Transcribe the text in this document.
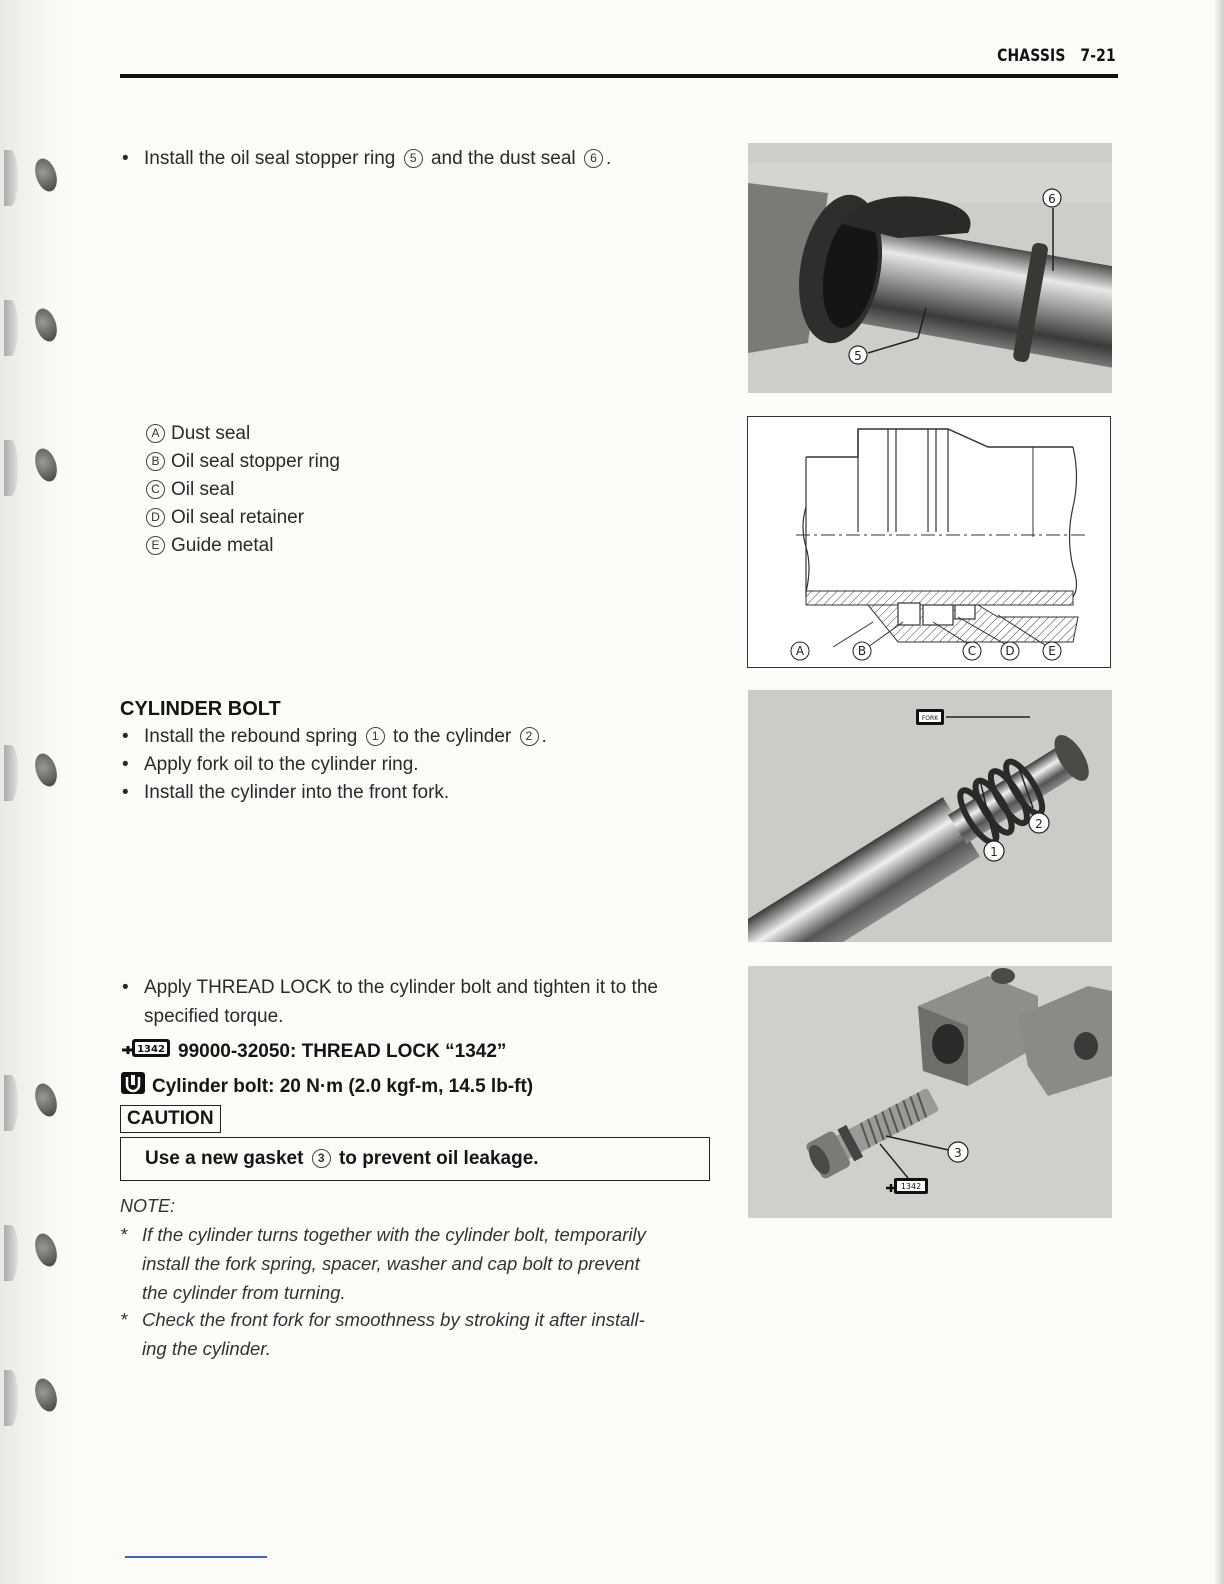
CHASSIS 7-21
• Install the oil seal stopper ring 5 and the dust seal 6 .
A Dust seal
B Oil seal stopper ring
C Oil seal
D Oil seal retainer
E Guide metal
CYLINDER BOLT
• Install the rebound spring 1 to the cylinder 2 .
• Apply fork oil to the cylinder ring.
• Install the cylinder into the front fork.
• Apply THREAD LOCK to the cylinder bolt and tighten it to the
specified torque.
1342 99000-32050: THREAD LOCK “1342”
Cylinder bolt: 20 N·m (2.0 kgf-m, 14.5 lb-ft)
CAUTION
Use a new gasket 3 to prevent oil leakage.
NOTE:
* If the cylinder turns together with the cylinder bolt, temporarily
install the fork spring, spacer, washer and cap bolt to prevent
the cylinder from turning.
* Check the front fork for smoothness by stroking it after install-
ing the cylinder.
6
5
A	B	C D	E
FORK
2
1
3
1342
